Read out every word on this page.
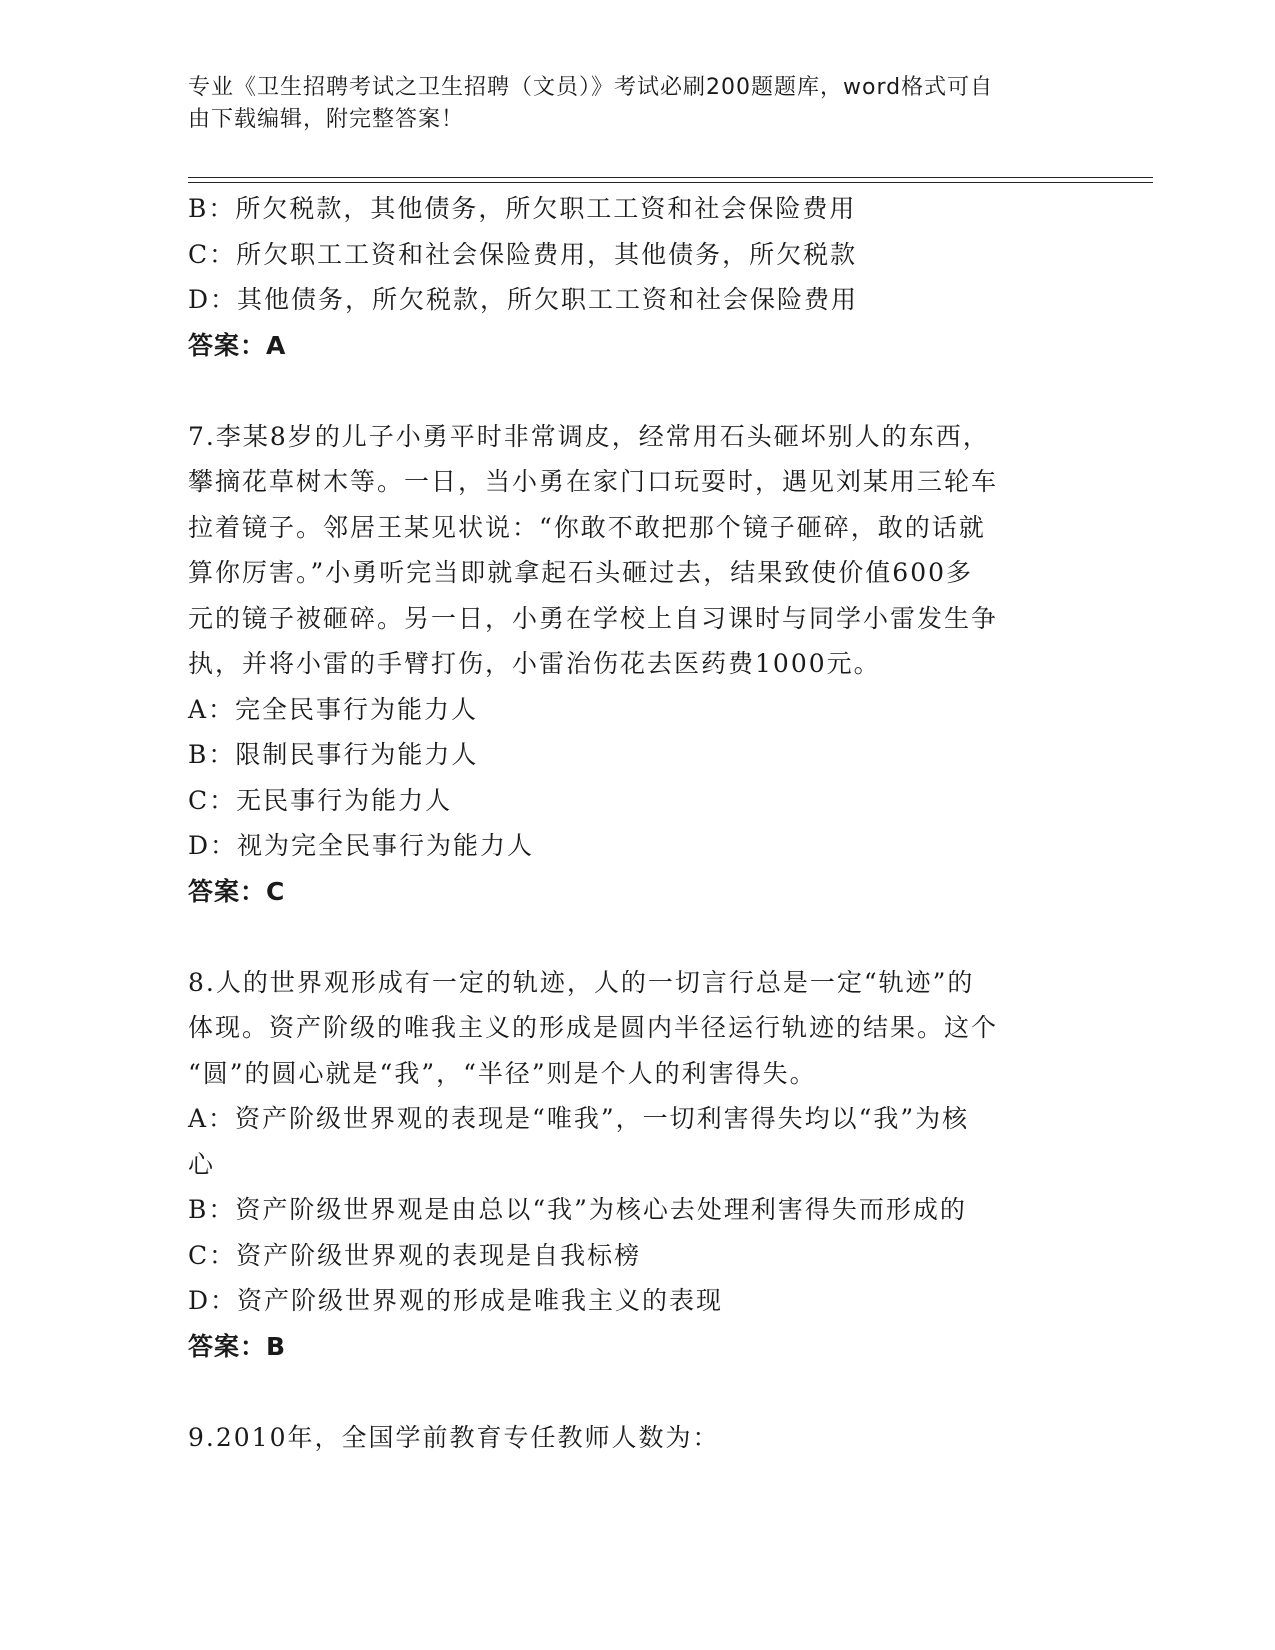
专业《卫生招聘考试之卫生招聘（文员）》考试必刷200题题库，word格式可自
由下载编辑，附完整答案！

B：所欠税款，其他债务，所欠职工工资和社会保险费用

C：所欠职工工资和社会保险费用，其他债务，所欠税款

D：其他债务，所欠税款，所欠职工工资和社会保险费用

答案：A

7.李某8岁的儿子小勇平时非常调皮，经常用石头砸坏别人的东西，

攀摘花草树木等。一日，当小勇在家门口玩耍时，遇见刘某用三轮车

拉着镜子。邻居王某见状说：“你敢不敢把那个镜子砸碎，敢的话就

算你厉害。”小勇听完当即就拿起石头砸过去，结果致使价值600多

元的镜子被砸碎。另一日，小勇在学校上自习课时与同学小雷发生争

执，并将小雷的手臂打伤，小雷治伤花去医药费1000元。

A：完全民事行为能力人

B：限制民事行为能力人

C：无民事行为能力人

D：视为完全民事行为能力人

答案：C

8.人的世界观形成有一定的轨迹，人的一切言行总是一定“轨迹”的

体现。资产阶级的唯我主义的形成是圆内半径运行轨迹的结果。这个

“圆”的圆心就是“我”，“半径”则是个人的利害得失。

A：资产阶级世界观的表现是“唯我”，一切利害得失均以“我”为核

心

B：资产阶级世界观是由总以“我”为核心去处理利害得失而形成的

C：资产阶级世界观的表现是自我标榜

D：资产阶级世界观的形成是唯我主义的表现

答案：B

9.2010年，全国学前教育专任教师人数为：
